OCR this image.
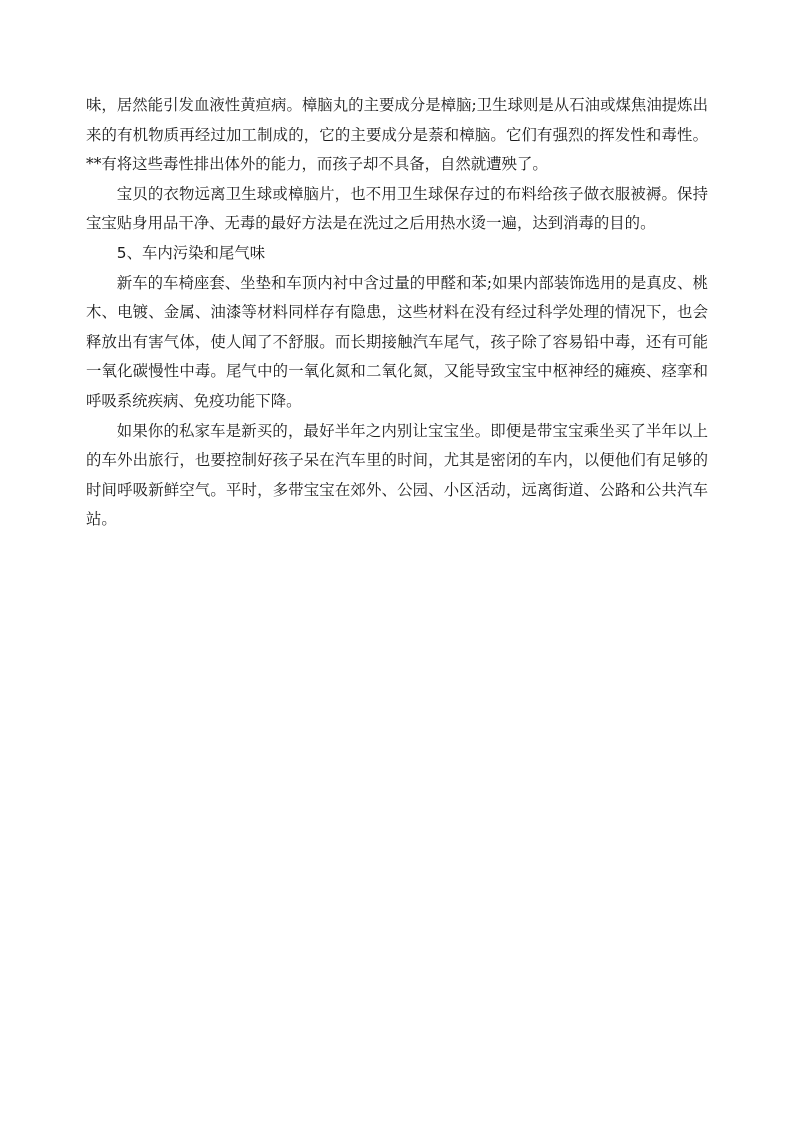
味，居然能引发血液性黄疸病。樟脑丸的主要成分是樟脑;卫生球则是从石油或煤焦油提炼出来的有机物质再经过加工制成的，它的主要成分是萘和樟脑。它们有强烈的挥发性和毒性。**有将这些毒性排出体外的能力，而孩子却不具备，自然就遭殃了。

宝贝的衣物远离卫生球或樟脑片，也不用卫生球保存过的布料给孩子做衣服被褥。保持宝宝贴身用品干净、无毒的最好方法是在洗过之后用热水烫一遍，达到消毒的目的。

5、车内污染和尾气味

新车的车椅座套、坐垫和车顶内衬中含过量的甲醛和苯;如果内部装饰选用的是真皮、桃木、电镀、金属、油漆等材料同样存有隐患，这些材料在没有经过科学处理的情况下，也会释放出有害气体，使人闻了不舒服。而长期接触汽车尾气，孩子除了容易铅中毒，还有可能一氧化碳慢性中毒。尾气中的一氧化氮和二氧化氮，又能导致宝宝中枢神经的瘫痪、痉挛和呼吸系统疾病、免疫功能下降。

如果你的私家车是新买的，最好半年之内别让宝宝坐。即便是带宝宝乘坐买了半年以上的车外出旅行，也要控制好孩子呆在汽车里的时间，尤其是密闭的车内，以便他们有足够的时间呼吸新鲜空气。平时，多带宝宝在郊外、公园、小区活动，远离街道、公路和公共汽车站。
